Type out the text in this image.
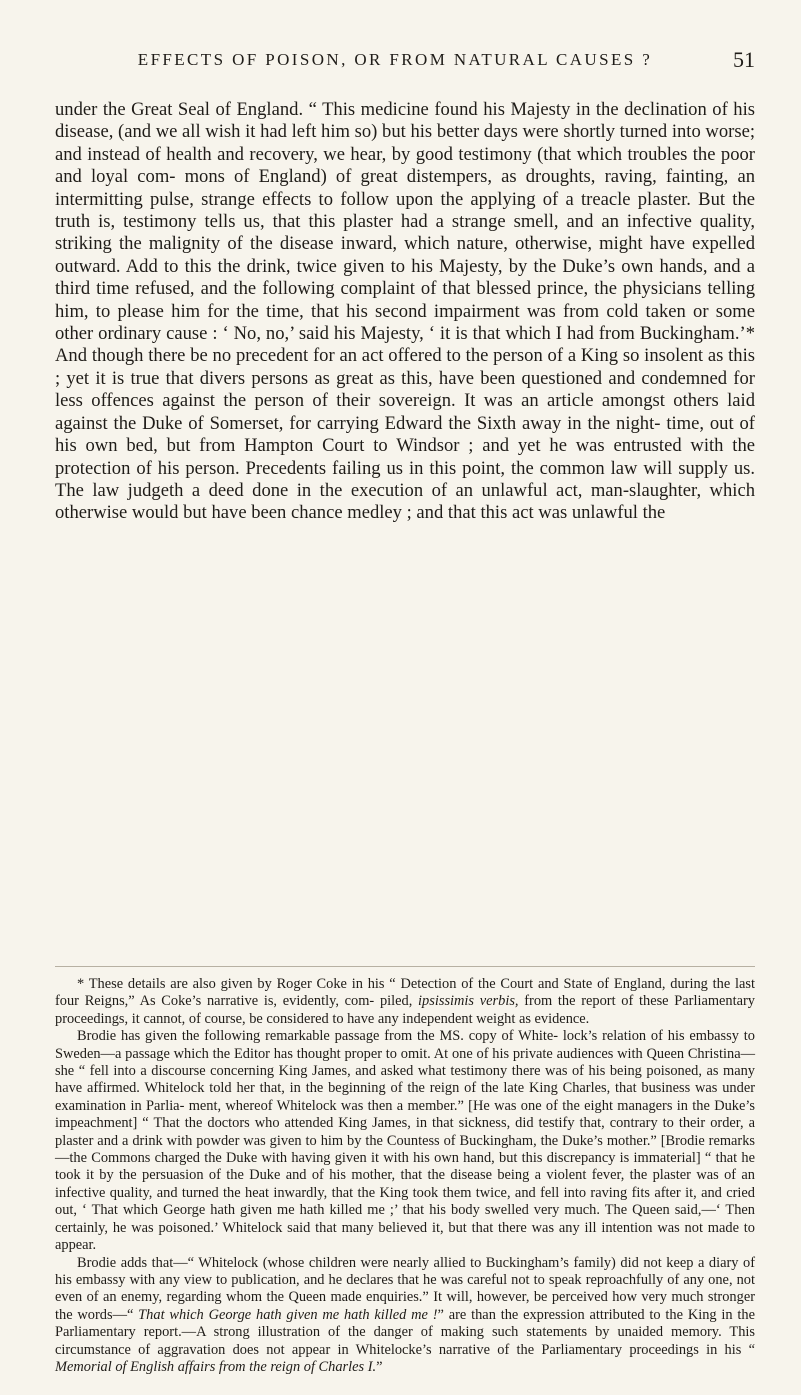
EFFECTS OF POISON, OR FROM NATURAL CAUSES ?	51

under the Great Seal of England. “ This medicine found his Majesty in the declination of his disease, (and we all wish it had left him so) but his better days were shortly turned into worse; and instead of health and recovery, we hear, by good testimony (that which troubles the poor and loyal com- mons of England) of great distempers, as droughts, raving, fainting, an intermitting pulse, strange effects to follow upon the applying of a treacle plaster. But the truth is, testimony tells us, that this plaster had a strange smell, and an infective quality, striking the malignity of the disease inward, which nature, otherwise, might have expelled outward. Add to this the drink, twice given to his Majesty, by the Duke’s own hands, and a third time refused, and the following complaint of that blessed prince, the physicians telling him, to please him for the time, that his second impairment was from cold taken or some other ordinary cause : ‘ No, no,’ said his Majesty, ‘ it is that which I had from Buckingham.’* And though there be no precedent for an act offered to the person of a King so insolent as this ; yet it is true that divers persons as great as this, have been questioned and condemned for less offences against the person of their sovereign. It was an article amongst others laid against the Duke of Somerset, for carrying Edward the Sixth away in the night- time, out of his own bed, but from Hampton Court to Windsor ; and yet he was entrusted with the protection of his person. Precedents failing us in this point, the common law will supply us. The law judgeth a deed done in the execution of an unlawful act, man-slaughter, which otherwise would but have been chance medley ; and that this act was unlawful the

* These details are also given by Roger Coke in his “ Detection of the Court and State of England, during the last four Reigns,” As Coke’s narrative is, evidently, com- piled, ipsissimis verbis, from the report of these Parliamentary proceedings, it cannot, of course, be considered to have any independent weight as evidence.

Brodie has given the following remarkable passage from the MS. copy of White- lock’s relation of his embassy to Sweden—a passage which the Editor has thought proper to omit. At one of his private audiences with Queen Christina—she “ fell into a discourse concerning King James, and asked what testimony there was of his being poisoned, as many have affirmed. Whitelock told her that, in the beginning of the reign of the late King Charles, that business was under examination in Parlia- ment, whereof Whitelock was then a member.” [He was one of the eight managers in the Duke’s impeachment] “ That the doctors who attended King James, in that sickness, did testify that, contrary to their order, a plaster and a drink with powder was given to him by the Countess of Buckingham, the Duke’s mother.” [Brodie remarks—the Commons charged the Duke with having given it with his own hand, but this discrepancy is immaterial] “ that he took it by the persuasion of the Duke and of his mother, that the disease being a violent fever, the plaster was of an infective quality, and turned the heat inwardly, that the King took them twice, and fell into raving fits after it, and cried out, ‘ That which George hath given me hath killed me ;’ that his body swelled very much. The Queen said,—‘ Then certainly, he was poisoned.’ Whitelock said that many believed it, but that there was any ill intention was not made to appear.

Brodie adds that—“ Whitelock (whose children were nearly allied to Buckingham’s family) did not keep a diary of his embassy with any view to publication, and he declares that he was careful not to speak reproachfully of any one, not even of an enemy, regarding whom the Queen made enquiries.” It will, however, be perceived how very much stronger the words—“ That which George hath given me hath killed me !” are than the expression attributed to the King in the Parliamentary report.—A strong illustration of the danger of making such statements by unaided memory. This circumstance of aggravation does not appear in Whitelocke’s narrative of the Parliamentary proceedings in his “ Memorial of English affairs from the reign of Charles I.”
